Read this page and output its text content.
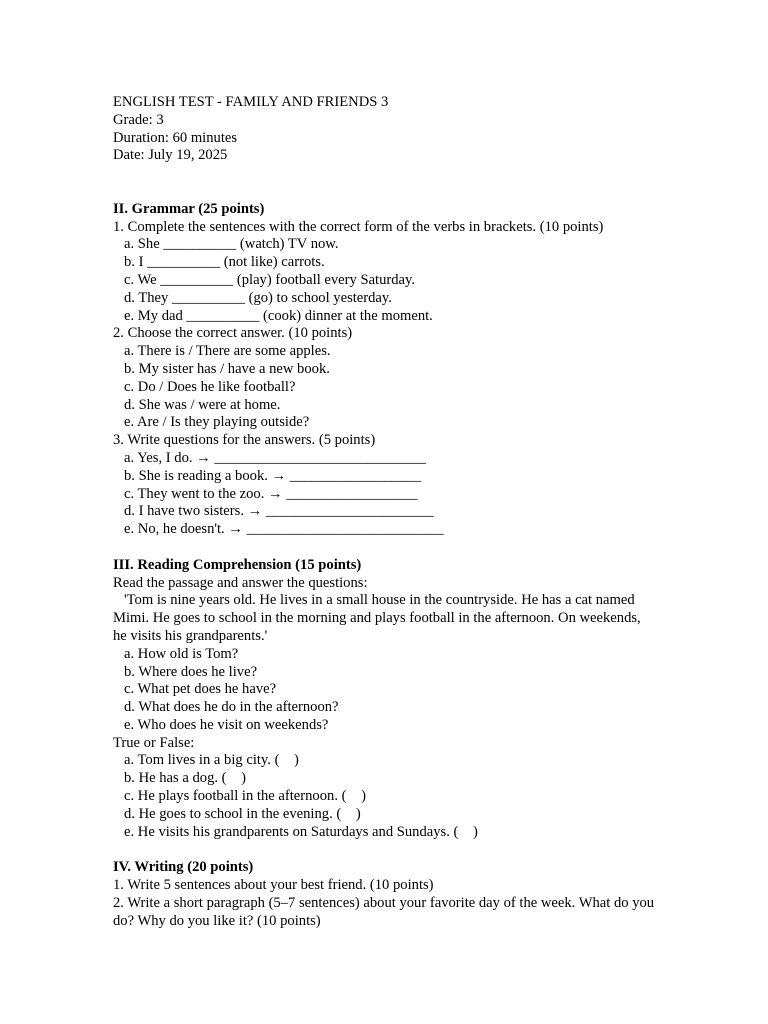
ENGLISH TEST - FAMILY AND FRIENDS 3
Grade: 3
Duration: 60 minutes
Date: July 19, 2025
II. Grammar (25 points)
1. Complete the sentences with the correct form of the verbs in brackets. (10 points)
a. She __________ (watch) TV now.
b. I __________ (not like) carrots.
c. We __________ (play) football every Saturday.
d. They __________ (go) to school yesterday.
e. My dad __________ (cook) dinner at the moment.
2. Choose the correct answer. (10 points)
a. There is / There are some apples.
b. My sister has / have a new book.
c. Do / Does he like football?
d. She was / were at home.
e. Are / Is they playing outside?
3. Write questions for the answers. (5 points)
a. Yes, I do. → _____________________________
b. She is reading a book. → __________________
c. They went to the zoo. → __________________
d. I have two sisters. → _______________________
e. No, he doesn't. → ___________________________
III. Reading Comprehension (15 points)
Read the passage and answer the questions:
'Tom is nine years old. He lives in a small house in the countryside. He has a cat named Mimi. He goes to school in the morning and plays football in the afternoon. On weekends, he visits his grandparents.'
a. How old is Tom?
b. Where does he live?
c. What pet does he have?
d. What does he do in the afternoon?
e. Who does he visit on weekends?
True or False:
a. Tom lives in a big city. (    )
b. He has a dog. (    )
c. He plays football in the afternoon. (    )
d. He goes to school in the evening. (    )
e. He visits his grandparents on Saturdays and Sundays. (    )
IV. Writing (20 points)
1. Write 5 sentences about your best friend. (10 points)
2. Write a short paragraph (5–7 sentences) about your favorite day of the week. What do you do? Why do you like it? (10 points)
